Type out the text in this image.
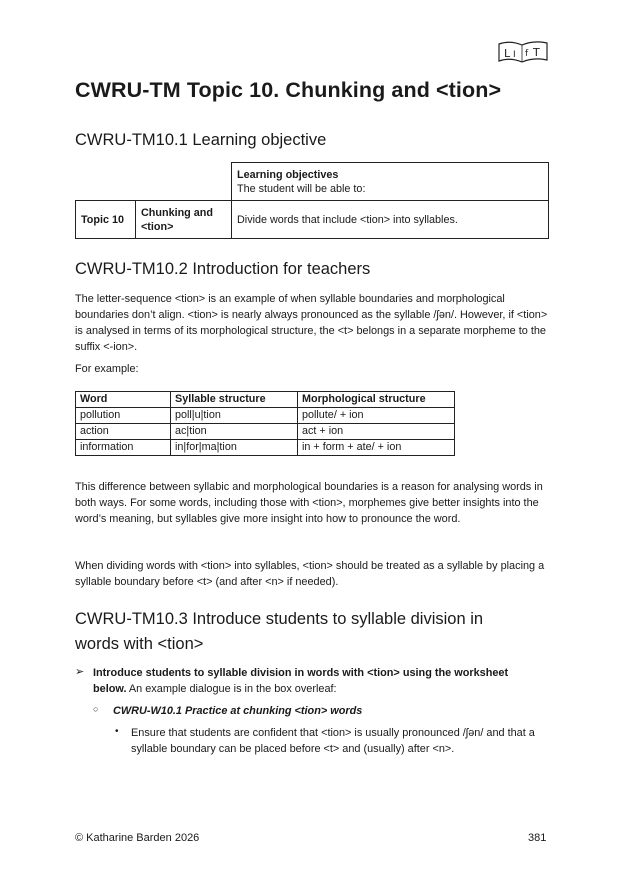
L I f T
CWRU-TM Topic 10. Chunking and <tion>
CWRU-TM10.1 Learning objective

		Learning objectives
The student will be able to:

Topic 10	Chunking and <tion>	Divide words that include <tion> into syllables.
CWRU-TM10.2 Introduction for teachers

The letter-sequence <tion> is an example of when syllable boundaries and morphological boundaries don’t align. <tion> is nearly always pronounced as the syllable /ʃən/. However, if <tion> is analysed in terms of its morphological structure, the <t> belongs in a separate morpheme to the suffix <-ion>.

For example:

Word	Syllable structure	Morphological structure
pollution	poll|u|tion	pollute/ + ion
action	ac|tion	act + ion
information	in|for|ma|tion	in + form + ate/ + ion

This difference between syllabic and morphological boundaries is a reason for analysing words in both ways. For some words, including those with <tion>, morphemes give better insights into the word’s meaning, but syllables give more insight into how to pronounce the word.

When dividing words with <tion> into syllables, <tion> should be treated as a syllable by placing a syllable boundary before <t> (and after <n> if needed).

CWRU-TM10.3 Introduce students to syllable division in
words with <tion>
➢ Introduce students to syllable division in words with <tion> using the worksheet below. An example dialogue is in the box overleaf:

○ CWRU-W10.1 Practice at chunking <tion> words

• Ensure that students are confident that <tion> is usually pronounced /ʃən/ and that a syllable boundary can be placed before <t> and (usually) after <n>.

© Katharine Barden 2026	381
